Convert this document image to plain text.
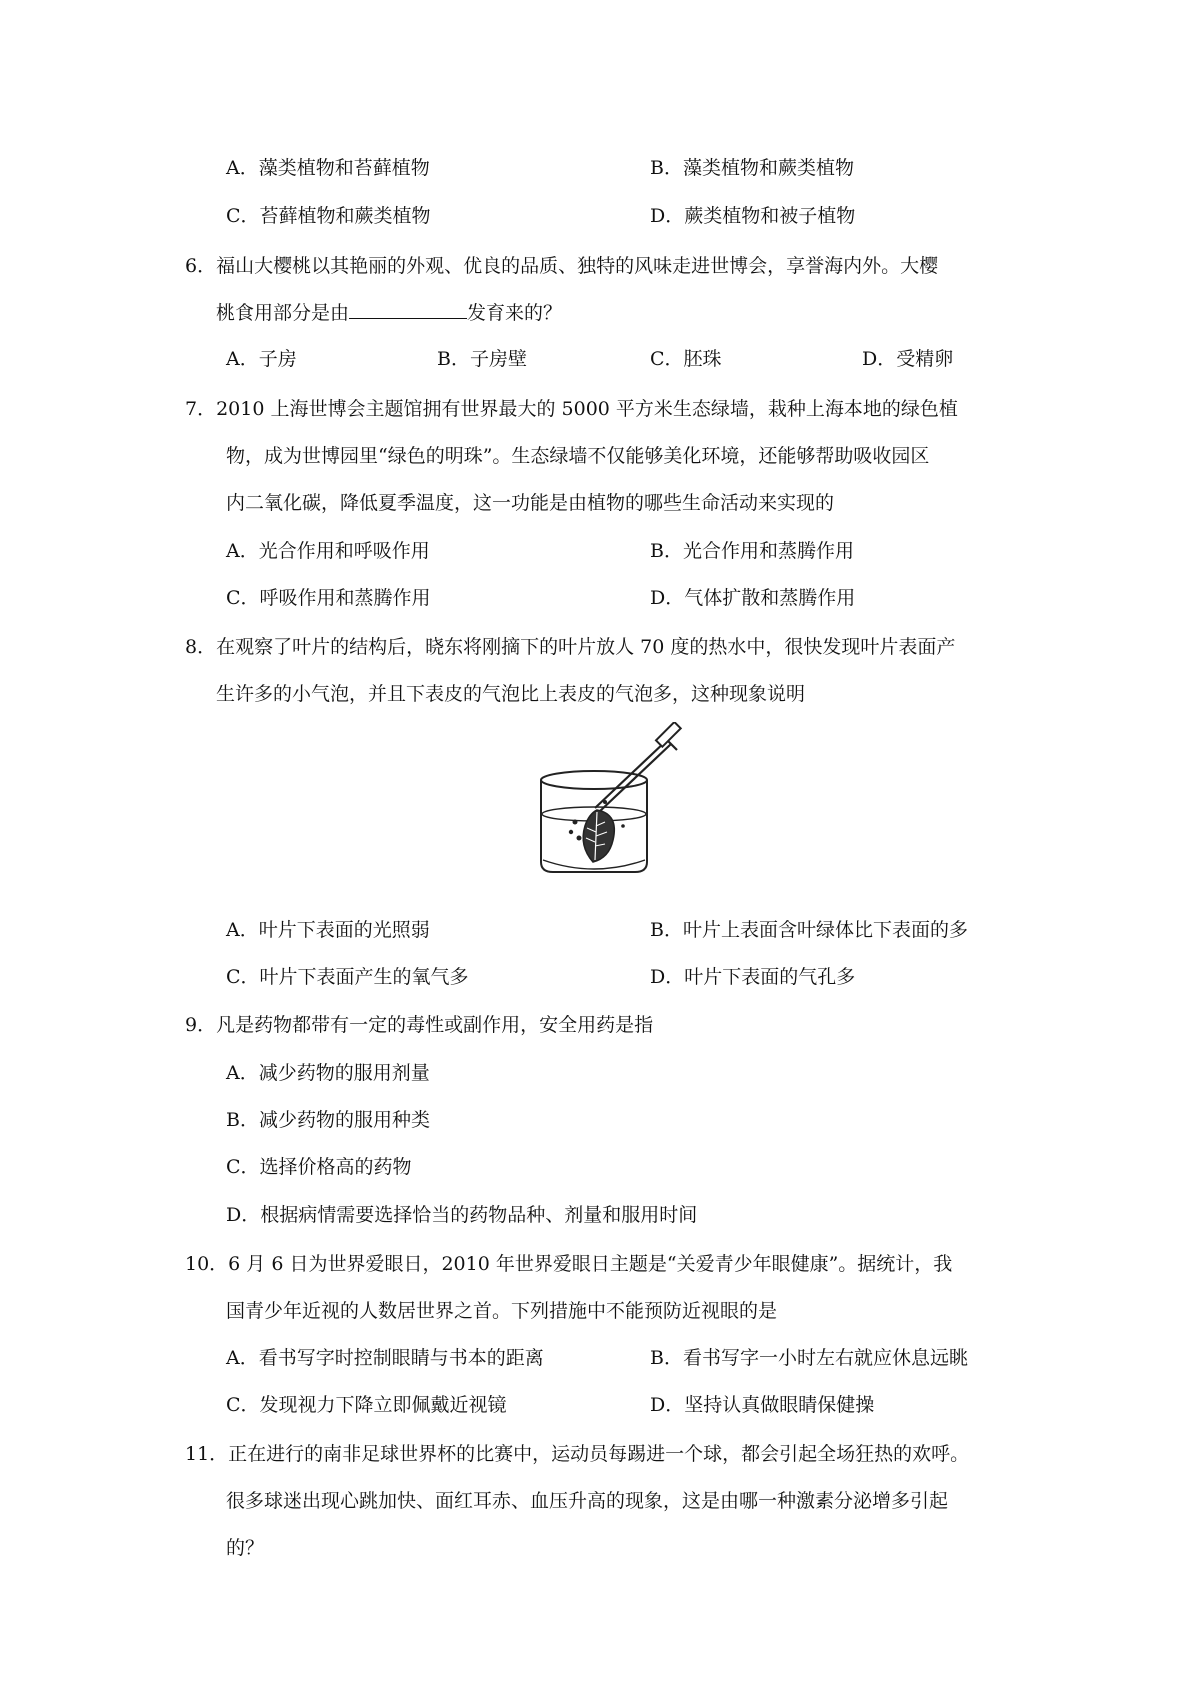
A．藻类植物和苔藓植物	B．藻类植物和蕨类植物
C．苔藓植物和蕨类植物	D．蕨类植物和被子植物
6．福山大樱桃以其艳丽的外观、优良的品质、独特的风味走进世博会，享誉海内外。大樱
桃食用部分是由	发育来的？
A．子房	B．子房壁	C．胚珠	D．受精卵
7．2010 上海世博会主题馆拥有世界最大的 5000 平方米生态绿墙，栽种上海本地的绿色植
物，成为世博园里“绿色的明珠”。生态绿墙不仅能够美化环境，还能够帮助吸收园区
内二氧化碳，降低夏季温度，这一功能是由植物的哪些生命活动来实现的
A．光合作用和呼吸作用	B．光合作用和蒸腾作用
C．呼吸作用和蒸腾作用	D．气体扩散和蒸腾作用
8．在观察了叶片的结构后，晓东将刚摘下的叶片放人 70 度的热水中，很快发现叶片表面产
生许多的小气泡，并且下表皮的气泡比上表皮的气泡多，这种现象说明
A．叶片下表面的光照弱	B．叶片上表面含叶绿体比下表面的多
C．叶片下表面产生的氧气多	D．叶片下表面的气孔多
9．凡是药物都带有一定的毒性或副作用，安全用药是指
A．减少药物的服用剂量
B．减少药物的服用种类
C．选择价格高的药物
D．根据病情需要选择恰当的药物品种、剂量和服用时间
10．6 月 6 日为世界爱眼日，2010 年世界爱眼日主题是“关爱青少年眼健康”。据统计，我
国青少年近视的人数居世界之首。下列措施中不能预防近视眼的是
A．看书写字时控制眼睛与书本的距离	B．看书写字一小时左右就应休息远眺
C．发现视力下降立即佩戴近视镜	D．坚持认真做眼睛保健操
11．正在进行的南非足球世界杯的比赛中，运动员每踢进一个球，都会引起全场狂热的欢呼。
很多球迷出现心跳加快、面红耳赤、血压升高的现象，这是由哪一种激素分泌增多引起
的？
